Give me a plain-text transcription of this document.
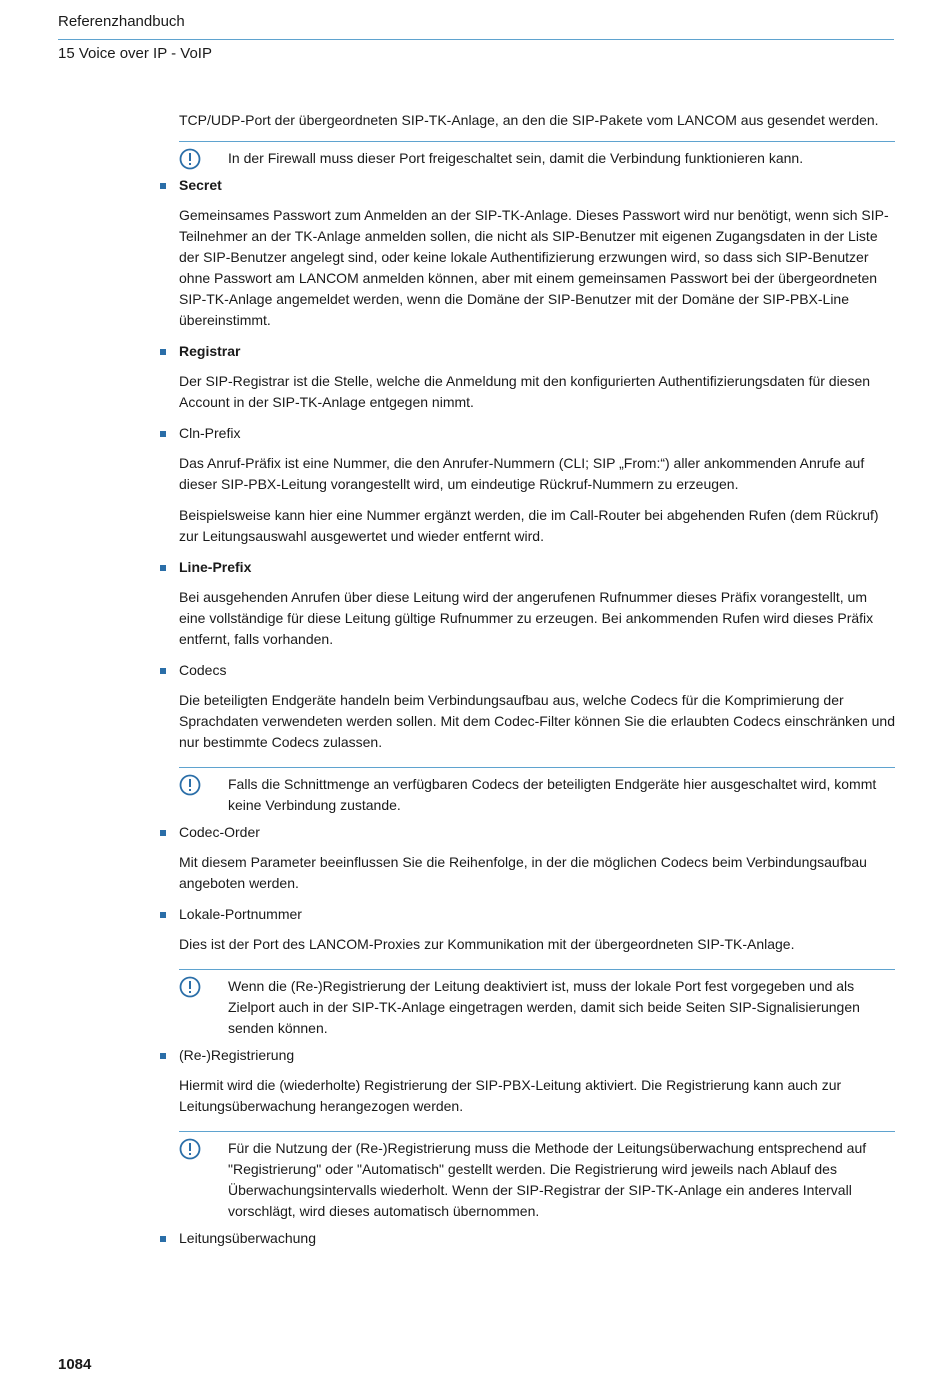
Referenzhandbuch
15 Voice over IP - VoIP

TCP/UDP-Port der übergeordneten SIP-TK-Anlage, an den die SIP-Pakete vom LANCOM aus gesendet werden.

In der Firewall muss dieser Port freigeschaltet sein, damit die Verbindung funktionieren kann.
Secret

Gemeinsames Passwort zum Anmelden an der SIP-TK-Anlage. Dieses Passwort wird nur benötigt, wenn sich SIP-Teilnehmer an der TK-Anlage anmelden sollen, die nicht als SIP-Benutzer mit eigenen Zugangsdaten in der Liste der SIP-Benutzer angelegt sind, oder keine lokale Authentifizierung erzwungen wird, so dass sich SIP-Benutzer ohne Passwort am LANCOM anmelden können, aber mit einem gemeinsamen Passwort bei der übergeordneten SIP-TK-Anlage angemeldet werden, wenn die Domäne der SIP-Benutzer mit der Domäne der SIP-PBX-Line übereinstimmt.

Registrar

Der SIP-Registrar ist die Stelle, welche die Anmeldung mit den konfigurierten Authentifizierungsdaten für diesen Account in der SIP-TK-Anlage entgegen nimmt.

Cln-Prefix

Das Anruf-Präfix ist eine Nummer, die den Anrufer-Nummern (CLI; SIP „From:“) aller ankommenden Anrufe auf dieser SIP-PBX-Leitung vorangestellt wird, um eindeutige Rückruf-Nummern zu erzeugen.

Beispielsweise kann hier eine Nummer ergänzt werden, die im Call-Router bei abgehenden Rufen (dem Rückruf) zur Leitungsauswahl ausgewertet und wieder entfernt wird.

Line-Prefix

Bei ausgehenden Anrufen über diese Leitung wird der angerufenen Rufnummer dieses Präfix vorangestellt, um eine vollständige für diese Leitung gültige Rufnummer zu erzeugen. Bei ankommenden Rufen wird dieses Präfix entfernt, falls vorhanden.

Codecs

Die beteiligten Endgeräte handeln beim Verbindungsaufbau aus, welche Codecs für die Komprimierung der Sprachdaten verwendeten werden sollen. Mit dem Codec-Filter können Sie die erlaubten Codecs einschränken und nur bestimmte Codecs zulassen.

Falls die Schnittmenge an verfügbaren Codecs der beteiligten Endgeräte hier ausgeschaltet wird, kommt keine Verbindung zustande.
Codec-Order

Mit diesem Parameter beeinflussen Sie die Reihenfolge, in der die möglichen Codecs beim Verbindungsaufbau angeboten werden.

Lokale-Portnummer

Dies ist der Port des LANCOM-Proxies zur Kommunikation mit der übergeordneten SIP-TK-Anlage.

Wenn die (Re-)Registrierung der Leitung deaktiviert ist, muss der lokale Port fest vorgegeben und als Zielport auch in der SIP-TK-Anlage eingetragen werden, damit sich beide Seiten SIP-Signalisierungen senden können.
(Re-)Registrierung

Hiermit wird die (wiederholte) Registrierung der SIP-PBX-Leitung aktiviert. Die Registrierung kann auch zur Leitungsüberwachung herangezogen werden.

Für die Nutzung der (Re-)Registrierung muss die Methode der Leitungsüberwachung entsprechend auf "Registrierung" oder "Automatisch" gestellt werden. Die Registrierung wird jeweils nach Ablauf des Überwachungsintervalls wiederholt. Wenn der SIP-Registrar der SIP-TK-Anlage ein anderes Intervall vorschlägt, wird dieses automatisch übernommen.
Leitungsüberwachung
1084
